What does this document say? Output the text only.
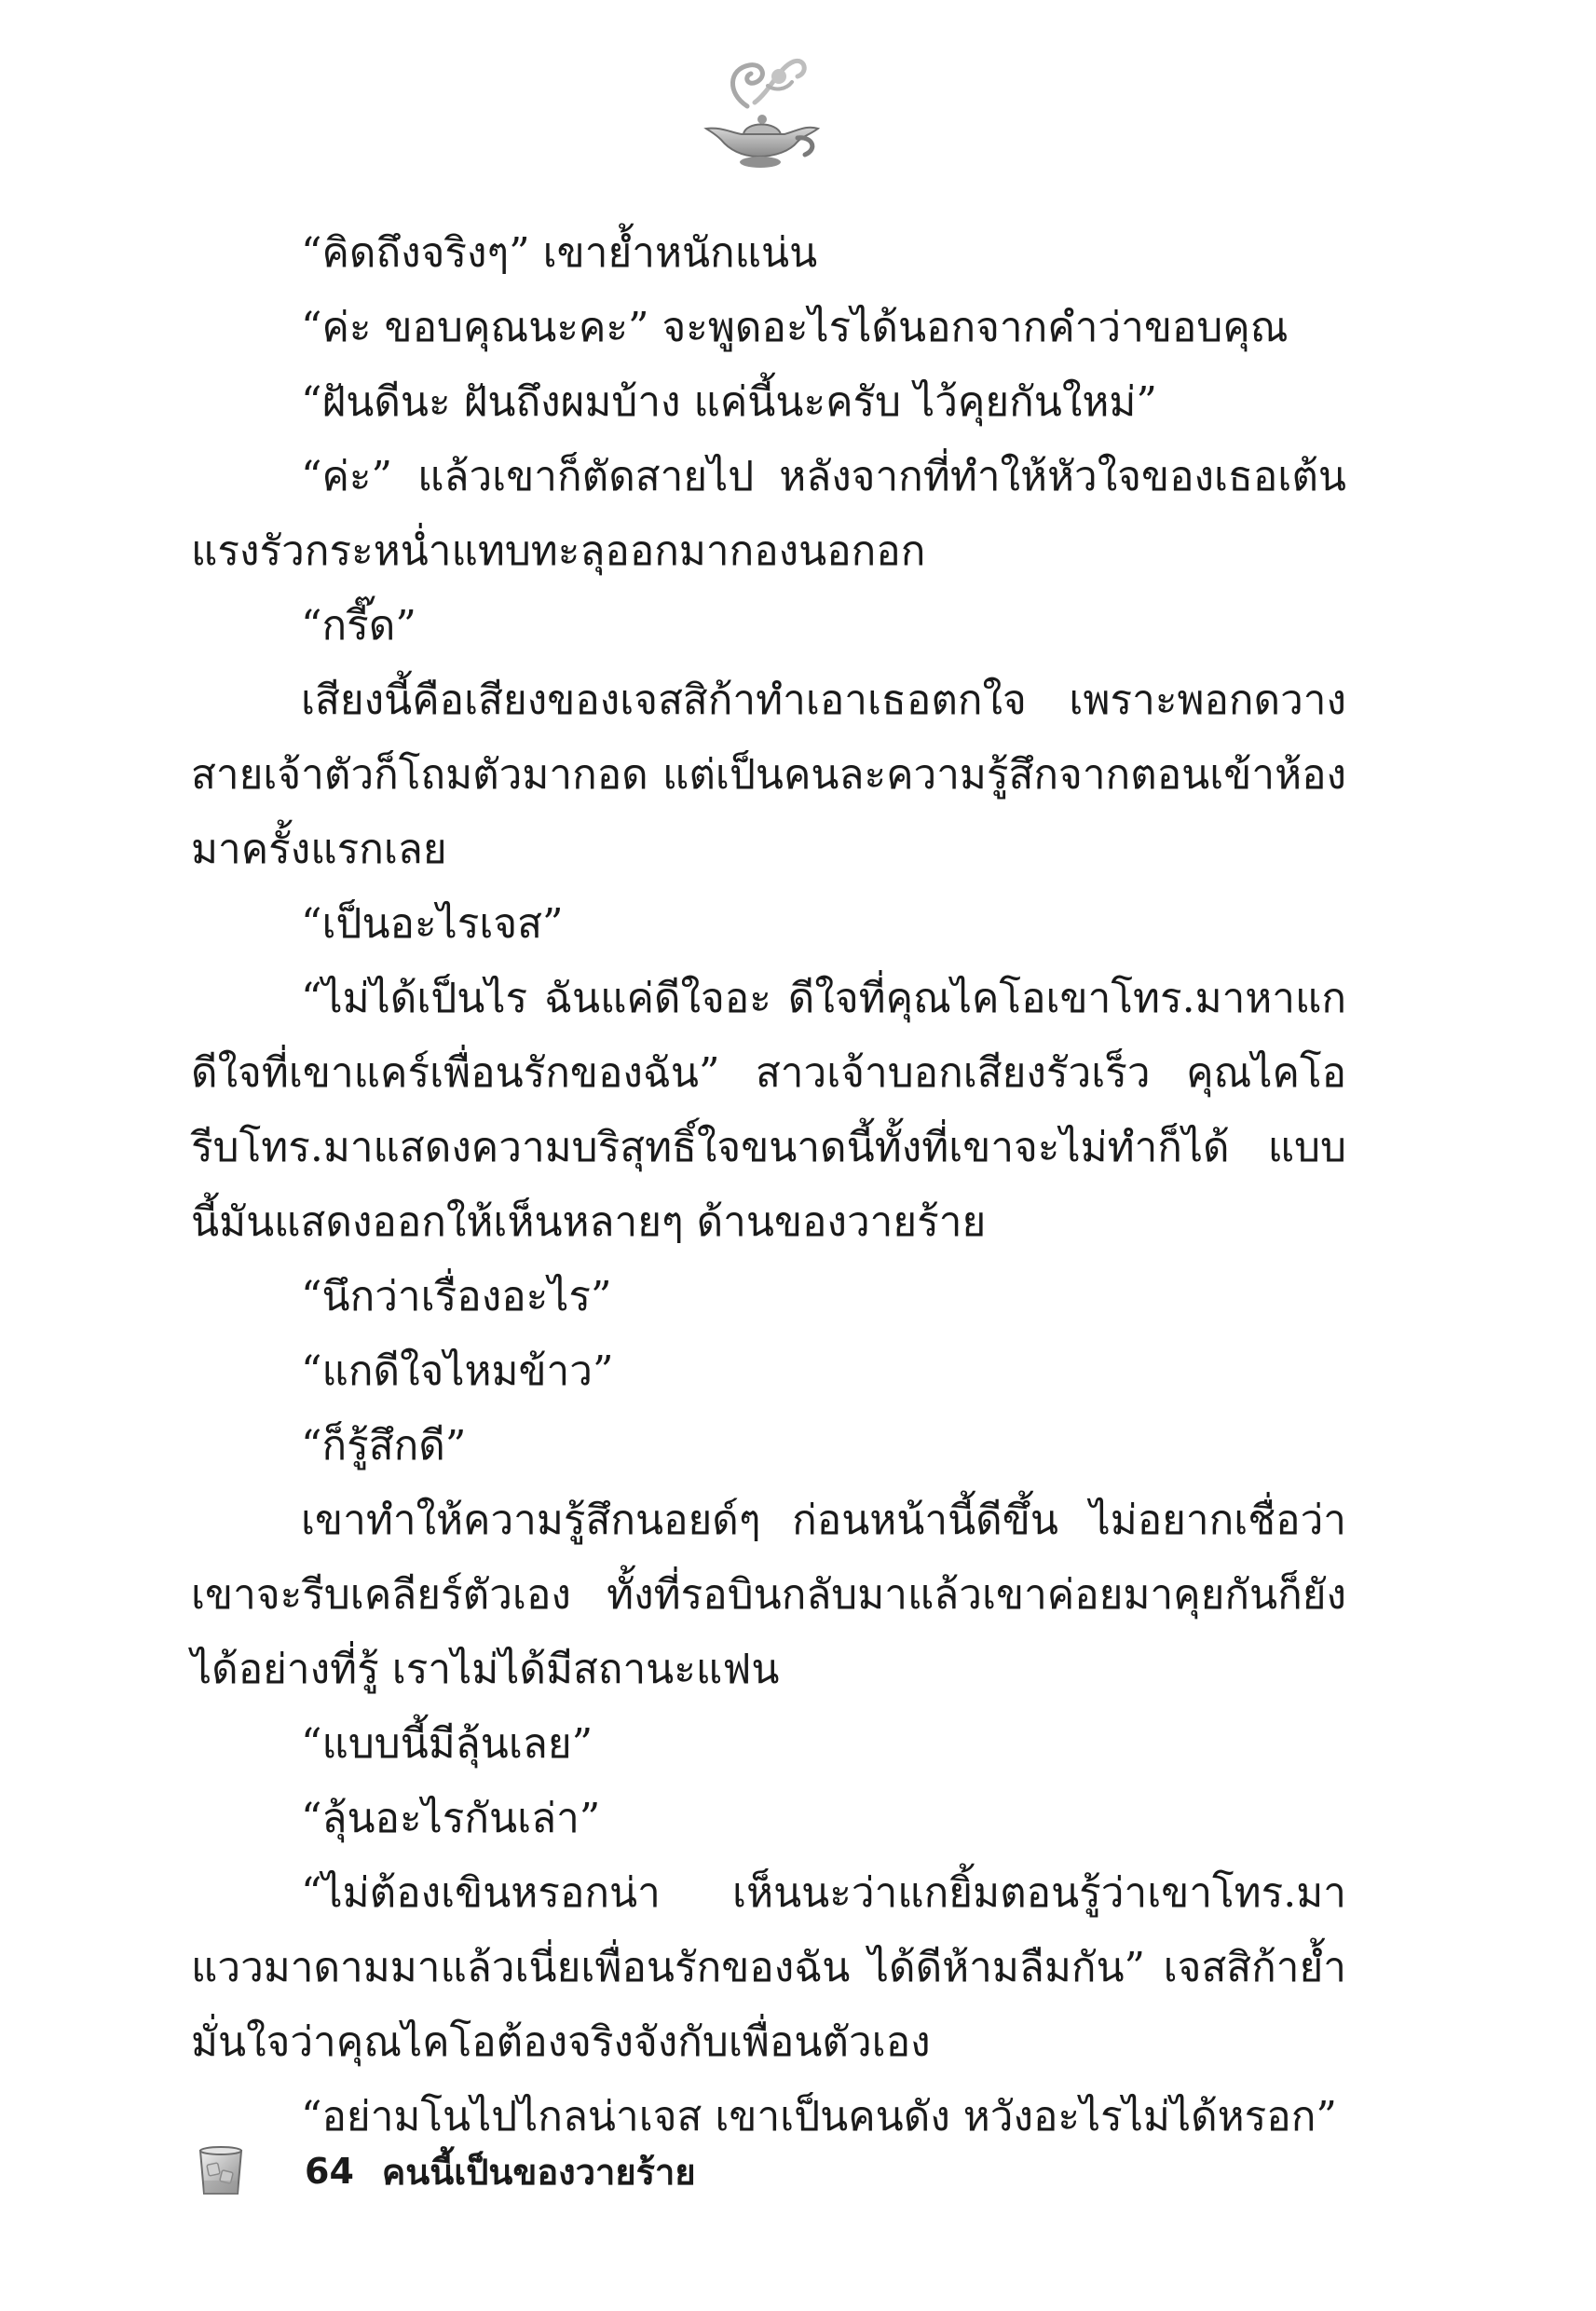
“คิดถึงจริงๆ” เขาย้ำหนักแน่น

“ค่ะ ขอบคุณนะคะ” จะพูดอะไรได้นอกจากคำว่าขอบคุณ

“ฝันดีนะ ฝันถึงผมบ้าง แค่นี้นะครับ ไว้คุยกันใหม่”

“ค่ะ” แล้วเขาก็ตัดสายไป หลังจากที่ทำให้หัวใจของเธอเต้นแรงรัวกระหน่ำแทบทะลุออกมากองนอกอก

“กรี๊ด”

เสียงนี้คือเสียงของเจสสิก้าทำเอาเธอตกใจ เพราะพอกดวางสายเจ้าตัวก็โถมตัวมากอด แต่เป็นคนละความรู้สึกจากตอนเข้าห้องมาครั้งแรกเลย

“เป็นอะไรเจส”

“ไม่ได้เป็นไร ฉันแค่ดีใจอะ ดีใจที่คุณไคโอเขาโทร.มาหาแก ดีใจที่เขาแคร์เพื่อนรักของฉัน” สาวเจ้าบอกเสียงรัวเร็ว คุณไคโอรีบโทร.มาแสดงความบริสุทธิ์ใจขนาดนี้ทั้งที่เขาจะไม่ทำก็ได้ แบบนี้มันแสดงออกให้เห็นหลายๆ ด้านของวายร้าย

“นึกว่าเรื่องอะไร”

“แกดีใจไหมข้าว”

“ก็รู้สึกดี”

เขาทำให้ความรู้สึกนอยด์ๆ ก่อนหน้านี้ดีขึ้น ไม่อยากเชื่อว่าเขาจะรีบเคลียร์ตัวเอง ทั้งที่รอบินกลับมาแล้วเขาค่อยมาคุยกันก็ยังได้อย่างที่รู้ เราไม่ได้มีสถานะแฟน

“แบบนี้มีลุ้นเลย”

“ลุ้นอะไรกันเล่า”

“ไม่ต้องเขินหรอกน่า เห็นนะว่าแกยิ้มตอนรู้ว่าเขาโทร.มา แววมาดามมาแล้วเนี่ยเพื่อนรักของฉัน ได้ดีห้ามลืมกัน” เจสสิก้าย้ำ มั่นใจว่าคุณไคโอต้องจริงจังกับเพื่อนตัวเอง

“อย่ามโนไปไกลน่าเจส เขาเป็นคนดัง หวังอะไรไม่ได้หรอก”

64 คนนี้เป็นของวายร้าย
